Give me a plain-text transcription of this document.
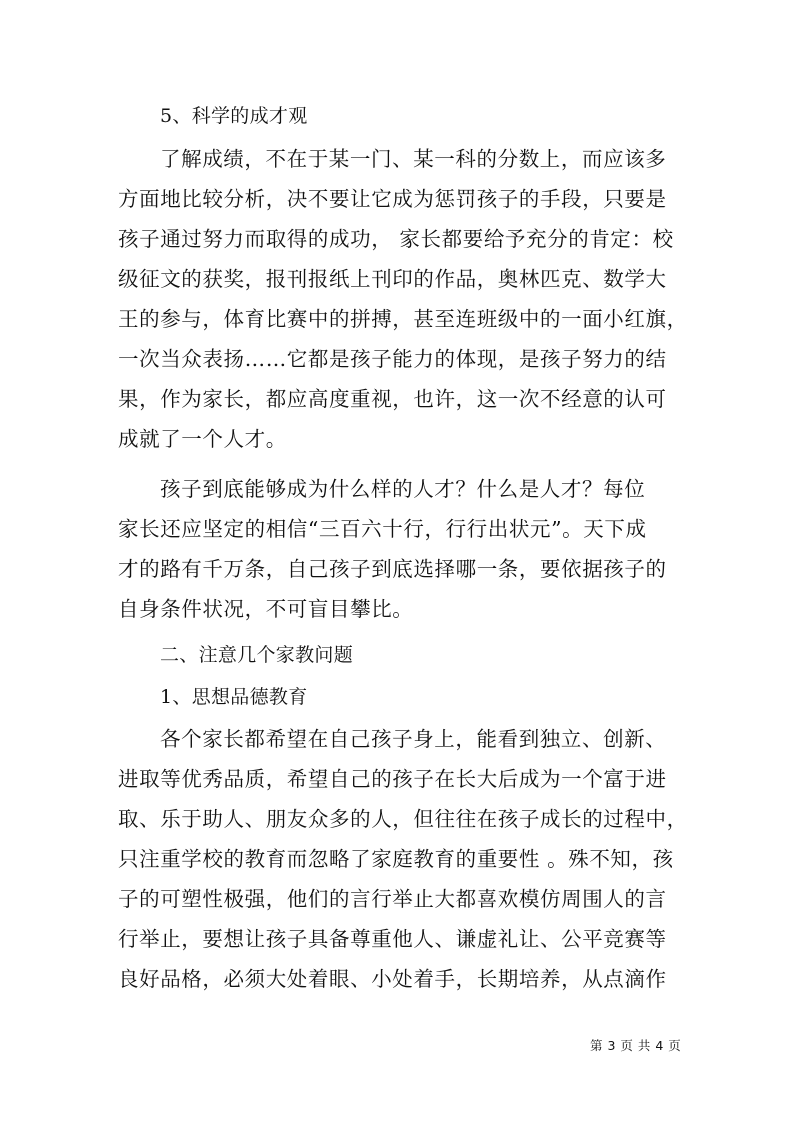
5、科学的成才观
了解成绩，不在于某一门、某一科的分数上，而应该多
方面地比较分析，决不要让它成为惩罚孩子的手段，只要是
孩子通过努力而取得的成功， 家长都要给予充分的肯定：校
级征文的获奖，报刊报纸上刊印的作品，奥林匹克、数学大
王的参与，体育比赛中的拼搏，甚至连班级中的一面小红旗，
一次当众表扬……它都是孩子能力的体现，是孩子努力的结
果，作为家长，都应高度重视，也许，这一次不经意的认可
成就了一个人才。
孩子到底能够成为什么样的人才？什么是人才？每位
家长还应坚定的相信“三百六十行，行行出状元”。天下成
才的路有千万条，自己孩子到底选择哪一条，要依据孩子的
自身条件状况，不可盲目攀比。
二、注意几个家教问题
1、思想品德教育
各个家长都希望在自己孩子身上，能看到独立、创新、
进取等优秀品质，希望自己的孩子在长大后成为一个富于进
取、乐于助人、朋友众多的人，但往往在孩子成长的过程中，
只注重学校的教育而忽略了家庭教育的重要性 。殊不知，孩
子的可塑性极强，他们的言行举止大都喜欢模仿周围人的言
行举止，要想让孩子具备尊重他人、谦虚礼让、公平竞赛等
良好品格，必须大处着眼、小处着手，长期培养，从点滴作
第 3 页 共 4 页
